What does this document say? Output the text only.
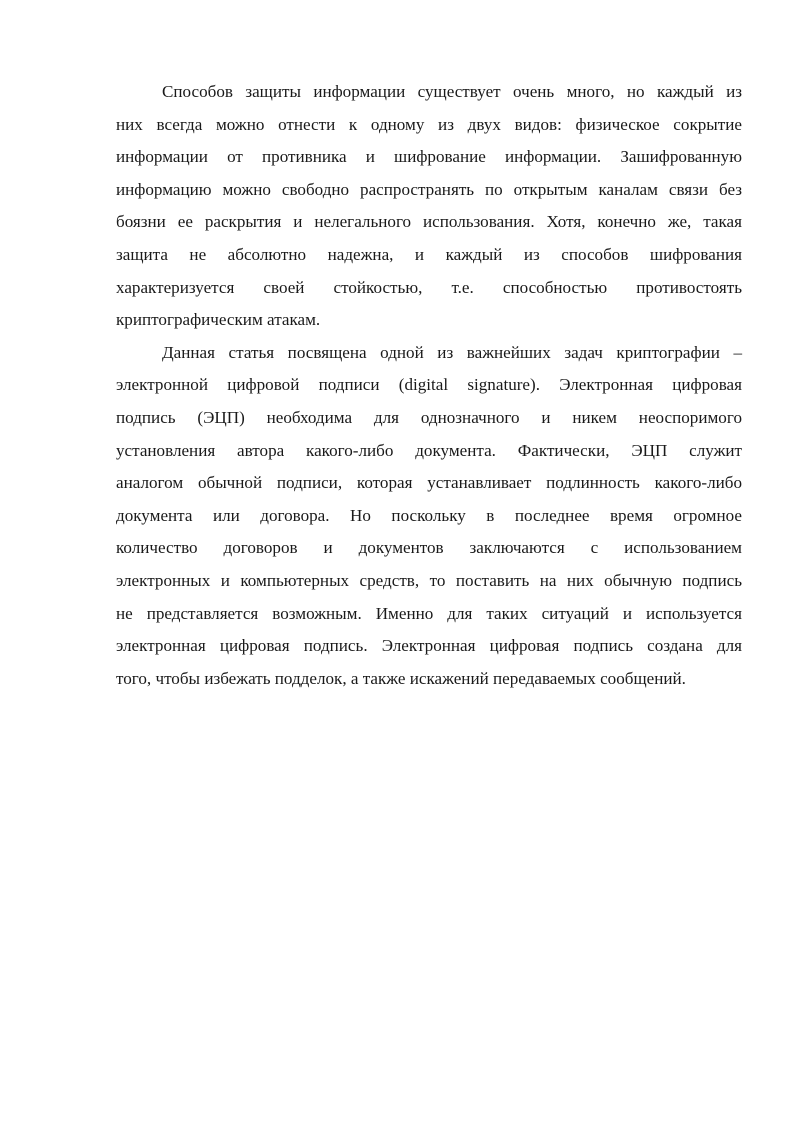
Способов защиты информации существует очень много, но каждый из
них всегда можно отнести к одному из двух видов: физическое сокрытие
информации от противника и шифрование информации. Зашифрованную
информацию можно свободно распространять по открытым каналам связи без
боязни ее раскрытия и нелегального использования. Хотя, конечно же, такая
защита не абсолютно надежна, и каждый из способов шифрования
характеризуется своей стойкостью, т.е. способностью противостоять
криптографическим атакам.
Данная статья посвящена одной из важнейших задач криптографии –
электронной цифровой подписи (digital signature). Электронная цифровая
подпись (ЭЦП) необходима для однозначного и никем неоспоримого
установления автора какого-либо документа. Фактически, ЭЦП служит
аналогом обычной подписи, которая устанавливает подлинность какого-либо
документа или договора. Но поскольку в последнее время огромное
количество договоров и документов заключаются с использованием
электронных и компьютерных средств, то поставить на них обычную подпись
не представляется возможным. Именно для таких ситуаций и используется
электронная цифровая подпись. Электронная цифровая подпись создана для
того, чтобы избежать подделок, а также искажений передаваемых сообщений.
